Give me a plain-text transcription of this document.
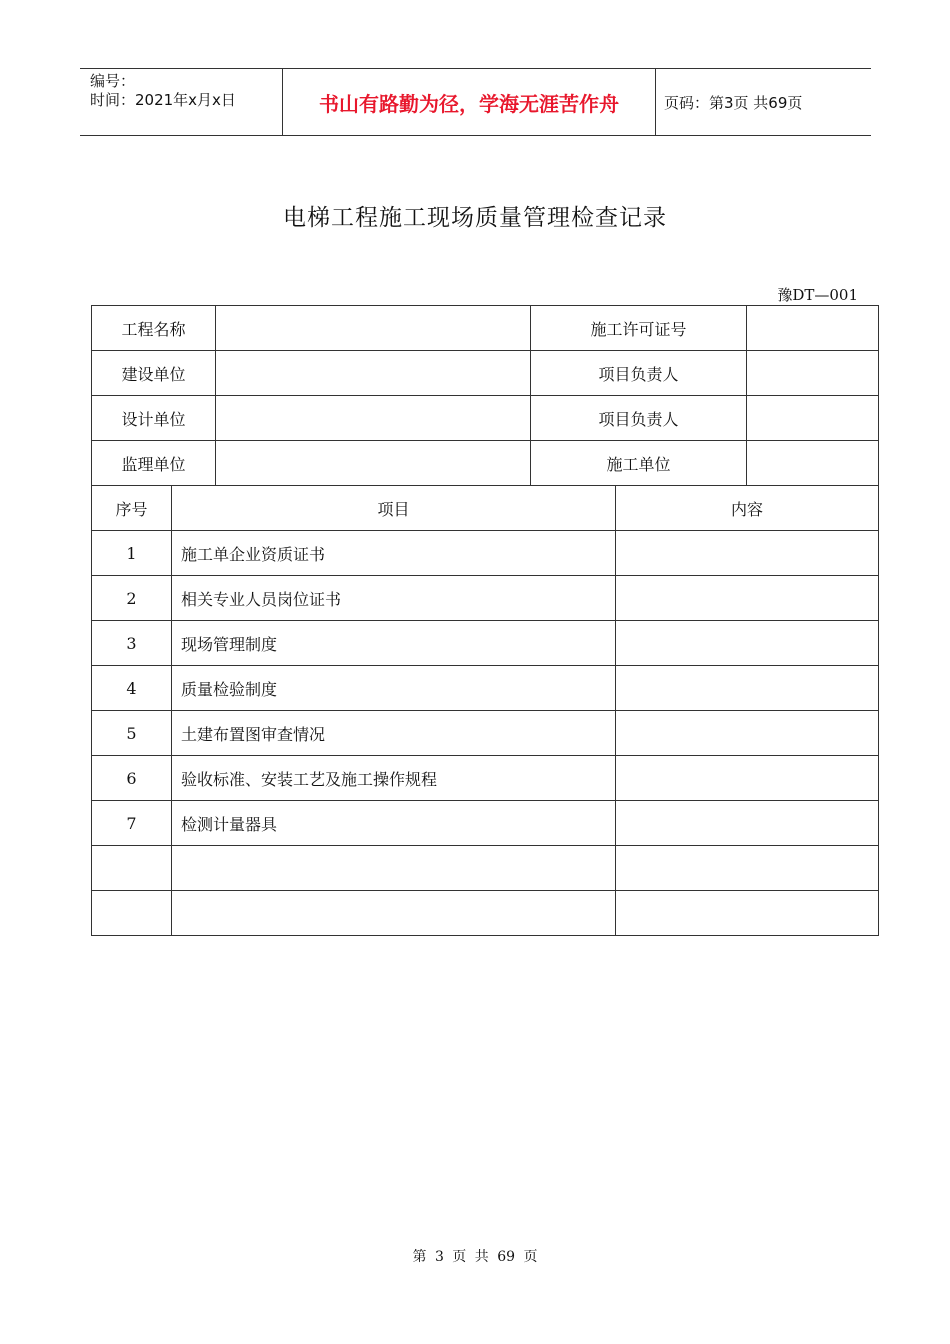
编号：
时间：2021年x月x日	书山有路勤为径，学海无涯苦作舟	页码：第3页 共69页
电梯工程施工现场质量管理检查记录
豫DT—001
工程名称			施工许可证号		
建设单位			项目负责人		
设计单位			项目负责人		
监理单位			施工单位		
序号	项目			内容	
1	施工单企业资质证书				
2	相关专业人员岗位证书				
3	现场管理制度				
4	质量检验制度				
5	土建布置图审查情况				
6	验收标准、安装工艺及施工操作规程				
7	检测计量器具				

第 3 页 共 69 页
